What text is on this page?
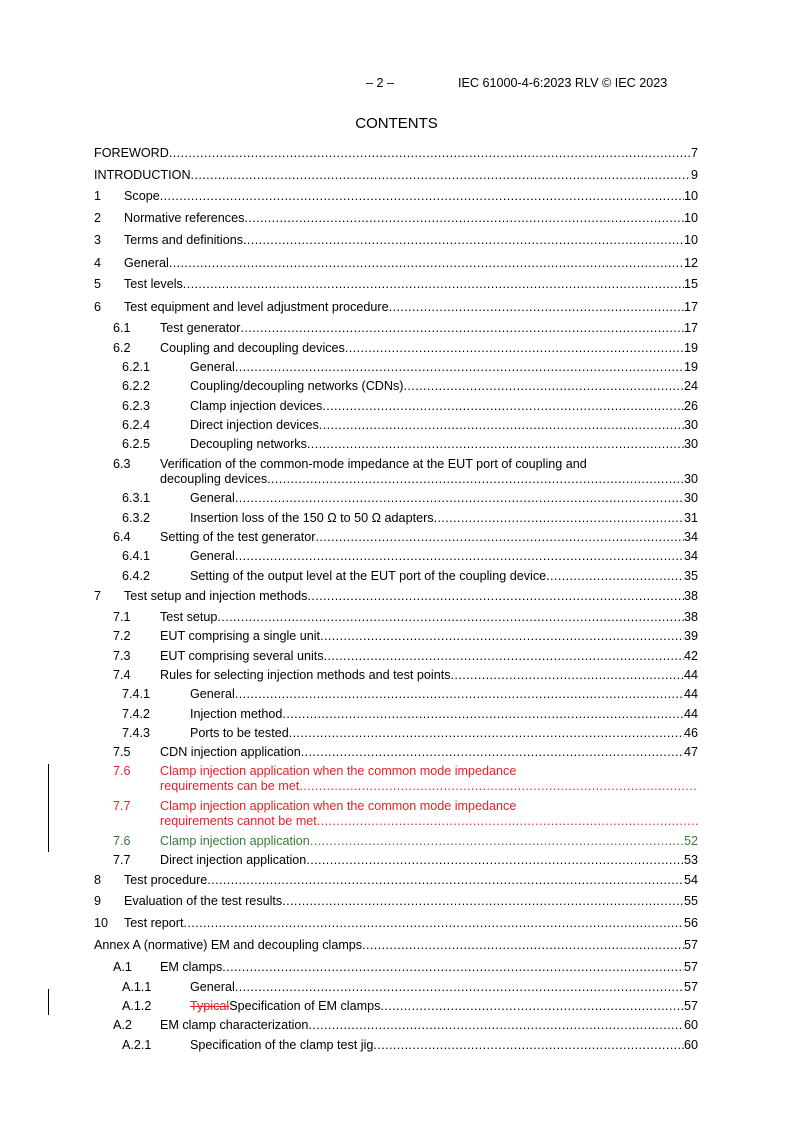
– 2 –	IEC 61000-4-6:2023 RLV © IEC 2023
CONTENTS
FOREWORD .....	7
INTRODUCTION .....	9
1 Scope .....	10
2 Normative references .....	10
3 Terms and definitions .....	10
4 General .....	12
5 Test levels .....	15
6 Test equipment and level adjustment procedure .....	17
6.1 Test generator .....	17
6.2 Coupling and decoupling devices .....	19
6.2.1	General .....	19
6.2.2	Coupling/decoupling networks (CDNs) .....	24
6.2.3	Clamp injection devices .....	26
6.2.4	Direct injection devices .....	30
6.2.5	Decoupling networks .....	30
6.3 Verification of the common-mode impedance at the EUT port of coupling and
decoupling devices .....	30
6.3.1	General .....	30
6.3.2	Insertion loss of the 150 Ω to 50 Ω adapters .....	31
6.4 Setting of the test generator .....	34
6.4.1	General .....	34
6.4.2	Setting of the output level at the EUT port of the coupling device .....	35
7 Test setup and injection methods .....	38
7.1 Test setup .....	38
7.2 EUT comprising a single unit .....	39
7.3 EUT comprising several units .....	42
7.4 Rules for selecting injection methods and test points .....	44
7.4.1	General .....	44
7.4.2	Injection method .....	44
7.4.3	Ports to be tested .....	46
7.5 CDN injection application .....	47
7.6 Clamp injection application when the common mode impedance
requirements can be met
.....
7.7 Clamp injection application when the common mode impedance
requirements cannot be met
.....
7.6 Clamp injection application .....	52
7.7 Direct injection application .....	53
8 Test procedure .....	54
9 Evaluation of the test results .....	55
10 Test report .....	56
Annex A (normative) EM and decoupling clamps .....	57
A.1 EM clamps .....	57
A.1.1	General .....	57
A.1.2	Typical Specification of EM clamps .....	57
A.2 EM clamp characterization .....	60
A.2.1	Specification of the clamp test jig .....	60
